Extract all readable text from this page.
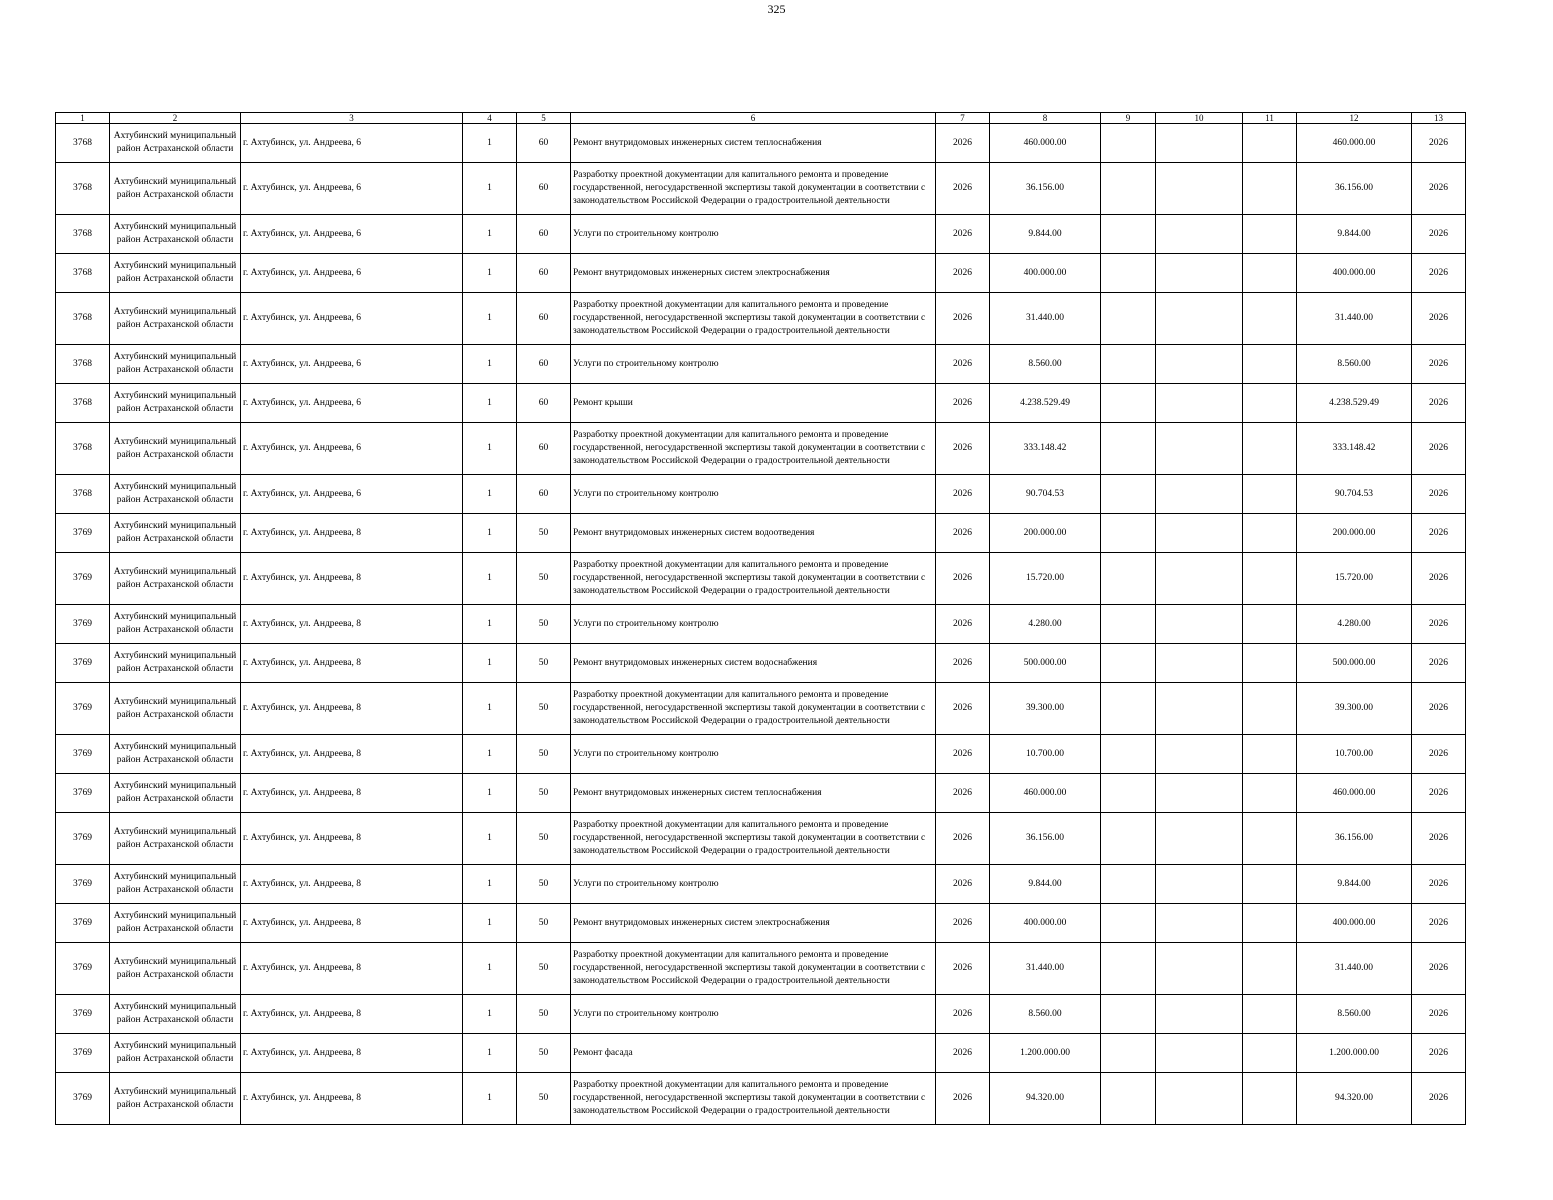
325
1	2	3	4	5	6	7	8	9	10	11	12	13
3768	Ахтубинский муниципальный район Астраханской области	г. Ахтубинск, ул. Андреева, 6	1	60	Ремонт внутридомовых инженерных систем теплоснабжения	2026	460.000.00				460.000.00	2026
3768	Ахтубинский муниципальный район Астраханской области	г. Ахтубинск, ул. Андреева, 6	1	60	Разработку проектной документации для капитального ремонта и проведение государственной, негосударственной экспертизы такой документации в соответствии с законодательством Российской Федерации о градостроительной деятельности	2026	36.156.00				36.156.00	2026
3768	Ахтубинский муниципальный район Астраханской области	г. Ахтубинск, ул. Андреева, 6	1	60	Услуги по строительному контролю	2026	9.844.00				9.844.00	2026
3768	Ахтубинский муниципальный район Астраханской области	г. Ахтубинск, ул. Андреева, 6	1	60	Ремонт внутридомовых инженерных систем электроснабжения	2026	400.000.00				400.000.00	2026
3768	Ахтубинский муниципальный район Астраханской области	г. Ахтубинск, ул. Андреева, 6	1	60	Разработку проектной документации для капитального ремонта и проведение государственной, негосударственной экспертизы такой документации в соответствии с законодательством Российской Федерации о градостроительной деятельности	2026	31.440.00				31.440.00	2026
3768	Ахтубинский муниципальный район Астраханской области	г. Ахтубинск, ул. Андреева, 6	1	60	Услуги по строительному контролю	2026	8.560.00				8.560.00	2026
3768	Ахтубинский муниципальный район Астраханской области	г. Ахтубинск, ул. Андреева, 6	1	60	Ремонт крыши	2026	4.238.529.49				4.238.529.49	2026
3768	Ахтубинский муниципальный район Астраханской области	г. Ахтубинск, ул. Андреева, 6	1	60	Разработку проектной документации для капитального ремонта и проведение государственной, негосударственной экспертизы такой документации в соответствии с законодательством Российской Федерации о градостроительной деятельности	2026	333.148.42				333.148.42	2026
3768	Ахтубинский муниципальный район Астраханской области	г. Ахтубинск, ул. Андреева, 6	1	60	Услуги по строительному контролю	2026	90.704.53				90.704.53	2026
3769	Ахтубинский муниципальный район Астраханской области	г. Ахтубинск, ул. Андреева, 8	1	50	Ремонт внутридомовых инженерных систем водоотведения	2026	200.000.00				200.000.00	2026
3769	Ахтубинский муниципальный район Астраханской области	г. Ахтубинск, ул. Андреева, 8	1	50	Разработку проектной документации для капитального ремонта и проведение государственной, негосударственной экспертизы такой документации в соответствии с законодательством Российской Федерации о градостроительной деятельности	2026	15.720.00				15.720.00	2026
3769	Ахтубинский муниципальный район Астраханской области	г. Ахтубинск, ул. Андреева, 8	1	50	Услуги по строительному контролю	2026	4.280.00				4.280.00	2026
3769	Ахтубинский муниципальный район Астраханской области	г. Ахтубинск, ул. Андреева, 8	1	50	Ремонт внутридомовых инженерных систем водоснабжения	2026	500.000.00				500.000.00	2026
3769	Ахтубинский муниципальный район Астраханской области	г. Ахтубинск, ул. Андреева, 8	1	50	Разработку проектной документации для капитального ремонта и проведение государственной, негосударственной экспертизы такой документации в соответствии с законодательством Российской Федерации о градостроительной деятельности	2026	39.300.00				39.300.00	2026
3769	Ахтубинский муниципальный район Астраханской области	г. Ахтубинск, ул. Андреева, 8	1	50	Услуги по строительному контролю	2026	10.700.00				10.700.00	2026
3769	Ахтубинский муниципальный район Астраханской области	г. Ахтубинск, ул. Андреева, 8	1	50	Ремонт внутридомовых инженерных систем теплоснабжения	2026	460.000.00				460.000.00	2026
3769	Ахтубинский муниципальный район Астраханской области	г. Ахтубинск, ул. Андреева, 8	1	50	Разработку проектной документации для капитального ремонта и проведение государственной, негосударственной экспертизы такой документации в соответствии с законодательством Российской Федерации о градостроительной деятельности	2026	36.156.00				36.156.00	2026
3769	Ахтубинский муниципальный район Астраханской области	г. Ахтубинск, ул. Андреева, 8	1	50	Услуги по строительному контролю	2026	9.844.00				9.844.00	2026
3769	Ахтубинский муниципальный район Астраханской области	г. Ахтубинск, ул. Андреева, 8	1	50	Ремонт внутридомовых инженерных систем электроснабжения	2026	400.000.00				400.000.00	2026
3769	Ахтубинский муниципальный район Астраханской области	г. Ахтубинск, ул. Андреева, 8	1	50	Разработку проектной документации для капитального ремонта и проведение государственной, негосударственной экспертизы такой документации в соответствии с законодательством Российской Федерации о градостроительной деятельности	2026	31.440.00				31.440.00	2026
3769	Ахтубинский муниципальный район Астраханской области	г. Ахтубинск, ул. Андреева, 8	1	50	Услуги по строительному контролю	2026	8.560.00				8.560.00	2026
3769	Ахтубинский муниципальный район Астраханской области	г. Ахтубинск, ул. Андреева, 8	1	50	Ремонт фасада	2026	1.200.000.00				1.200.000.00	2026
3769	Ахтубинский муниципальный район Астраханской области	г. Ахтубинск, ул. Андреева, 8	1	50	Разработку проектной документации для капитального ремонта и проведение государственной, негосударственной экспертизы такой документации в соответствии с законодательством Российской Федерации о градостроительной деятельности	2026	94.320.00				94.320.00	2026
